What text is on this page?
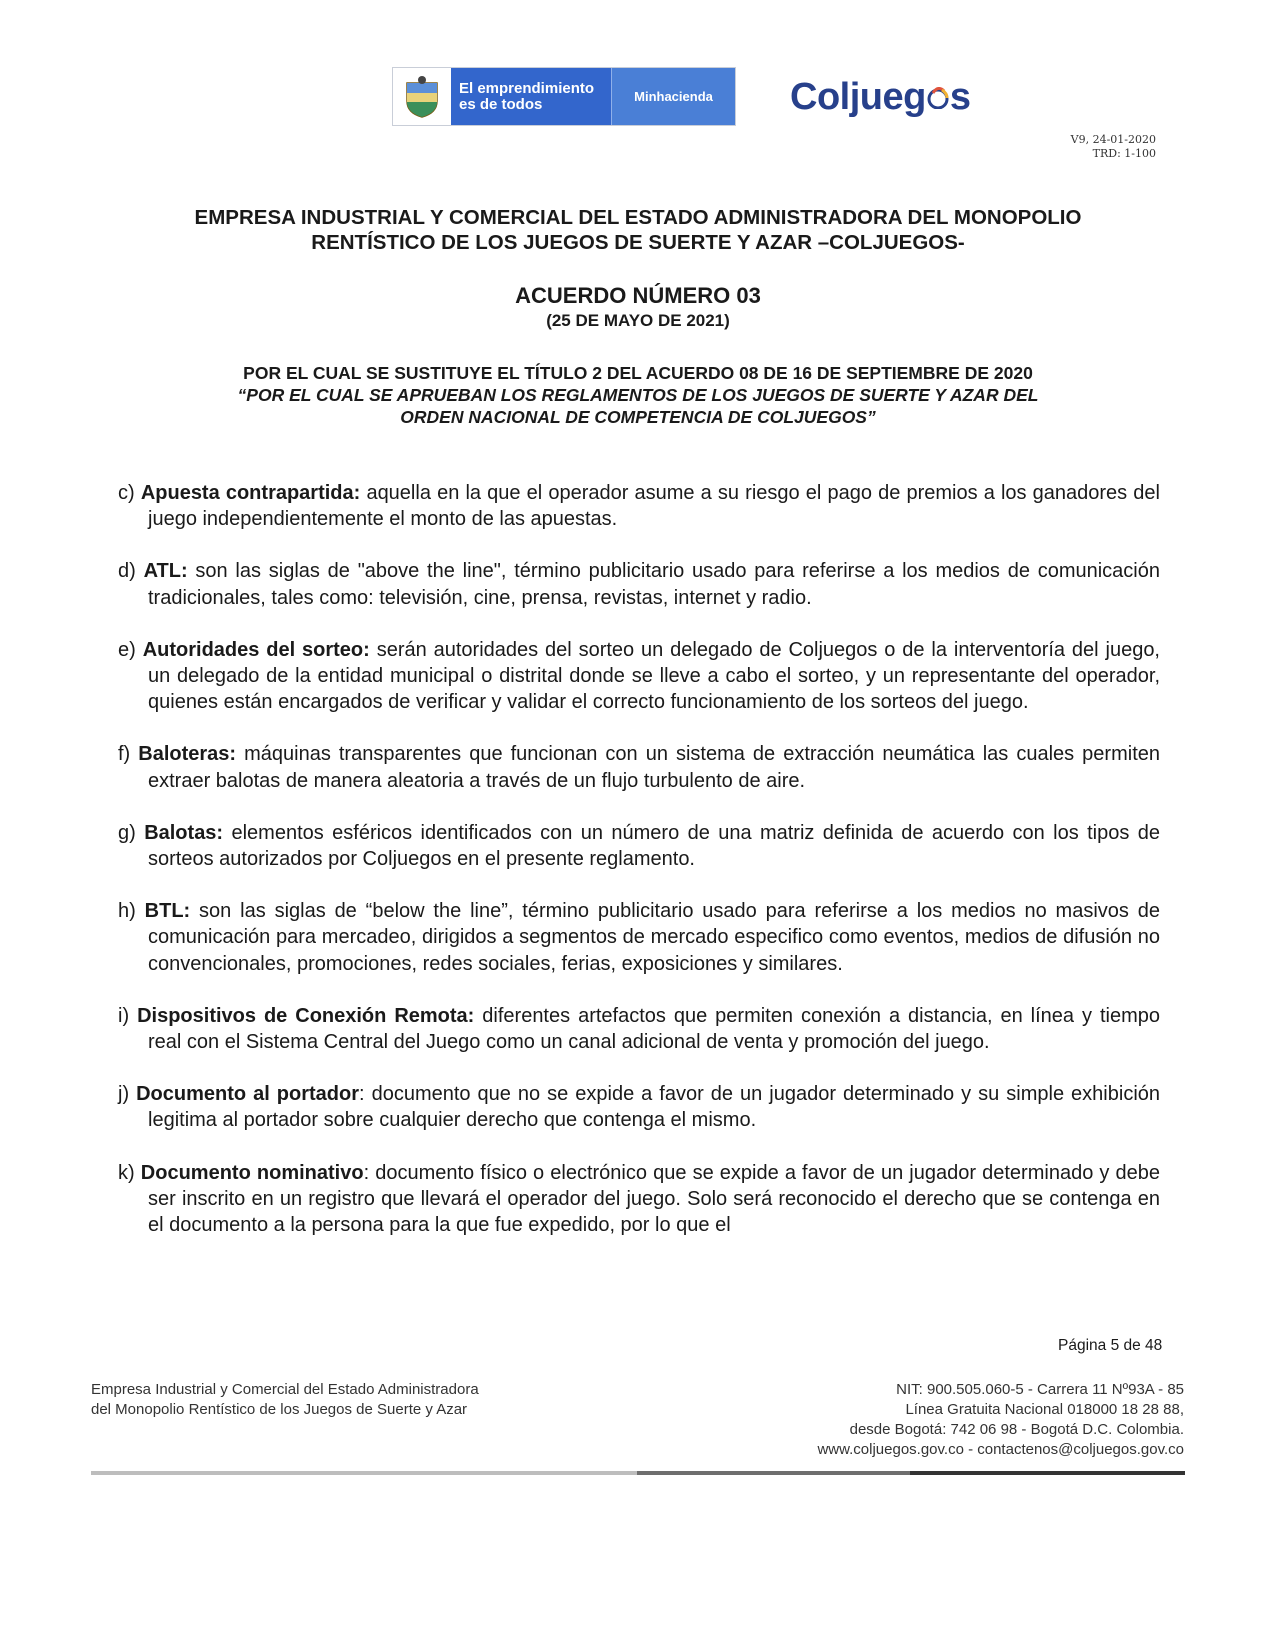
El emprendimiento
es de todos	Minhacienda	Coljueg s
V9, 24-01-2020
TRD: 1-100
EMPRESA INDUSTRIAL Y COMERCIAL DEL ESTADO ADMINISTRADORA DEL MONOPOLIO
RENTÍSTICO DE LOS JUEGOS DE SUERTE Y AZAR –COLJUEGOS-
ACUERDO NÚMERO 03
(25 DE MAYO DE 2021)
POR EL CUAL SE SUSTITUYE EL TÍTULO 2 DEL ACUERDO 08 DE 16 DE SEPTIEMBRE DE 2020
“POR EL CUAL SE APRUEBAN LOS REGLAMENTOS DE LOS JUEGOS DE SUERTE Y AZAR DEL
ORDEN NACIONAL DE COMPETENCIA DE COLJUEGOS”

c) Apuesta contrapartida: aquella en la que el operador asume a su riesgo el pago de premios a los ganadores del juego independientemente el monto de las apuestas.

d) ATL: son las siglas de "above the line", término publicitario usado para referirse a los medios de comunicación tradicionales, tales como: televisión, cine, prensa, revistas, internet y radio.

e) Autoridades del sorteo: serán autoridades del sorteo un delegado de Coljuegos o de la interventoría del juego, un delegado de la entidad municipal o distrital donde se lleve a cabo el sorteo, y un representante del operador, quienes están encargados de verificar y validar el correcto funcionamiento de los sorteos del juego.

f) Baloteras: máquinas transparentes que funcionan con un sistema de extracción neumática las cuales permiten extraer balotas de manera aleatoria a través de un flujo turbulento de aire.

g) Balotas: elementos esféricos identificados con un número de una matriz definida de acuerdo con los tipos de sorteos autorizados por Coljuegos en el presente reglamento.

h) BTL: son las siglas de “below the line”, término publicitario usado para referirse a los medios no masivos de comunicación para mercadeo, dirigidos a segmentos de mercado especifico como eventos, medios de difusión no convencionales, promociones, redes sociales, ferias, exposiciones y similares.

i) Dispositivos de Conexión Remota: diferentes artefactos que permiten conexión a distancia, en línea y tiempo real con el Sistema Central del Juego como un canal adicional de venta y promoción del juego.

j) Documento al portador: documento que no se expide a favor de un jugador determinado y su simple exhibición legitima al portador sobre cualquier derecho que contenga el mismo.

k) Documento nominativo: documento físico o electrónico que se expide a favor de un jugador determinado y debe ser inscrito en un registro que llevará el operador del juego. Solo será reconocido el derecho que se contenga en el documento a la persona para la que fue expedido, por lo que el

Página 5 de 48
Empresa Industrial y Comercial del Estado Administradora
del Monopolio Rentístico de los Juegos de Suerte y Azar
NIT: 900.505.060-5 - Carrera 11 Nº93A - 85
Línea Gratuita Nacional 018000 18 28 88,
desde Bogotá: 742 06 98 - Bogotá D.C. Colombia.
www.coljuegos.gov.co - contactenos@coljuegos.gov.co
